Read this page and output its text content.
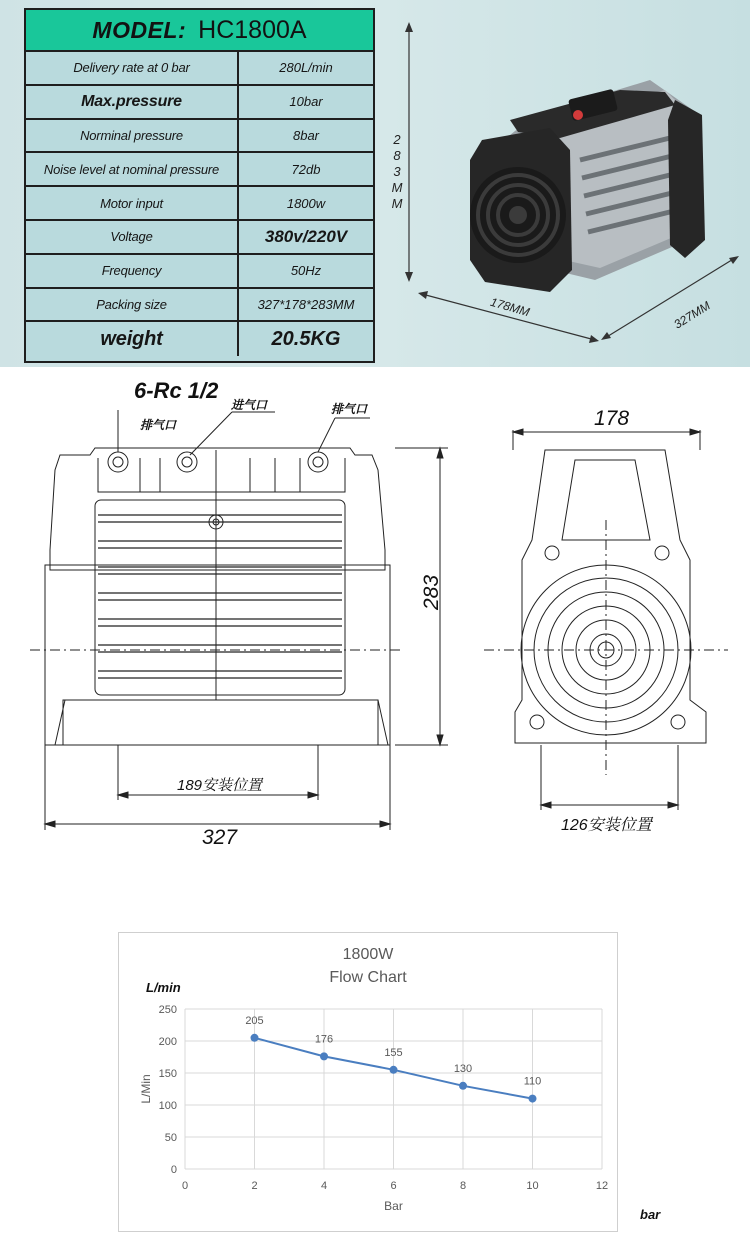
MODEL : HC1800A
Delivery rate at 0 bar	280L/min
Max.pressure	10bar
Norminal pressure	8bar
Noise level at nominal pressure	72db
Motor input	1800w
Voltage	380v/220V
Frequency	50Hz
Packing size	327*178*283MM
weight	20.5KG
283MM
178MM	327MM
6-Rc 1/2
进气口
排气口
排气口	178
283
189安装位置
327
126安装位置
1800W
Flow Chart
L/min
bar
0
50
100
150
200
250
0	2	4	6	8	10	12
Bar
L/Min
205
176
155
130
110
